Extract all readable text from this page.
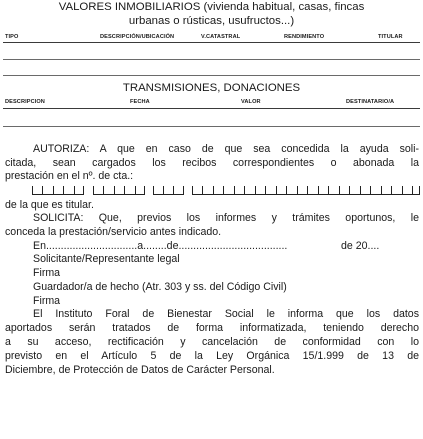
VALORES INMOBILIARIOS (vivienda habitual, casas, fincas
urbanas o rústicas, usufructos...)
TIPO	DESCRIPCIÓN/UBICACIÓN	V.CATASTRAL	RENDIMIENTO	TITULAR
TRANSMISIONES, DONACIONES
DESCRIPCION	FECHA	VALOR	DESTINATARIO/A
AUTORIZA: A que en caso de que sea concedida la ayuda soli-
citada, sean cargados los recibos correspondientes o abonada la
prestación en el nº. de cta.:
de la que es titular.
SOLICITA: Que, previos los informes y trámites oportunos, le
conceda la prestación/servicio antes indicado.
En...............................a........de.....................................	de 20....
Solicitante/Representante legal
Firma
Guardador/a de hecho (Atr. 303 y ss. del Código Civil)
Firma
El Instituto Foral de Bienestar Social le informa que los datos
aportados serán tratados de forma informatizada, teniendo derecho
a su acceso, rectificación y cancelación de conformidad con lo
previsto en el Artículo 5 de la Ley Orgánica 15/1.999 de 13 de
Diciembre, de Protección de Datos de Carácter Personal.
